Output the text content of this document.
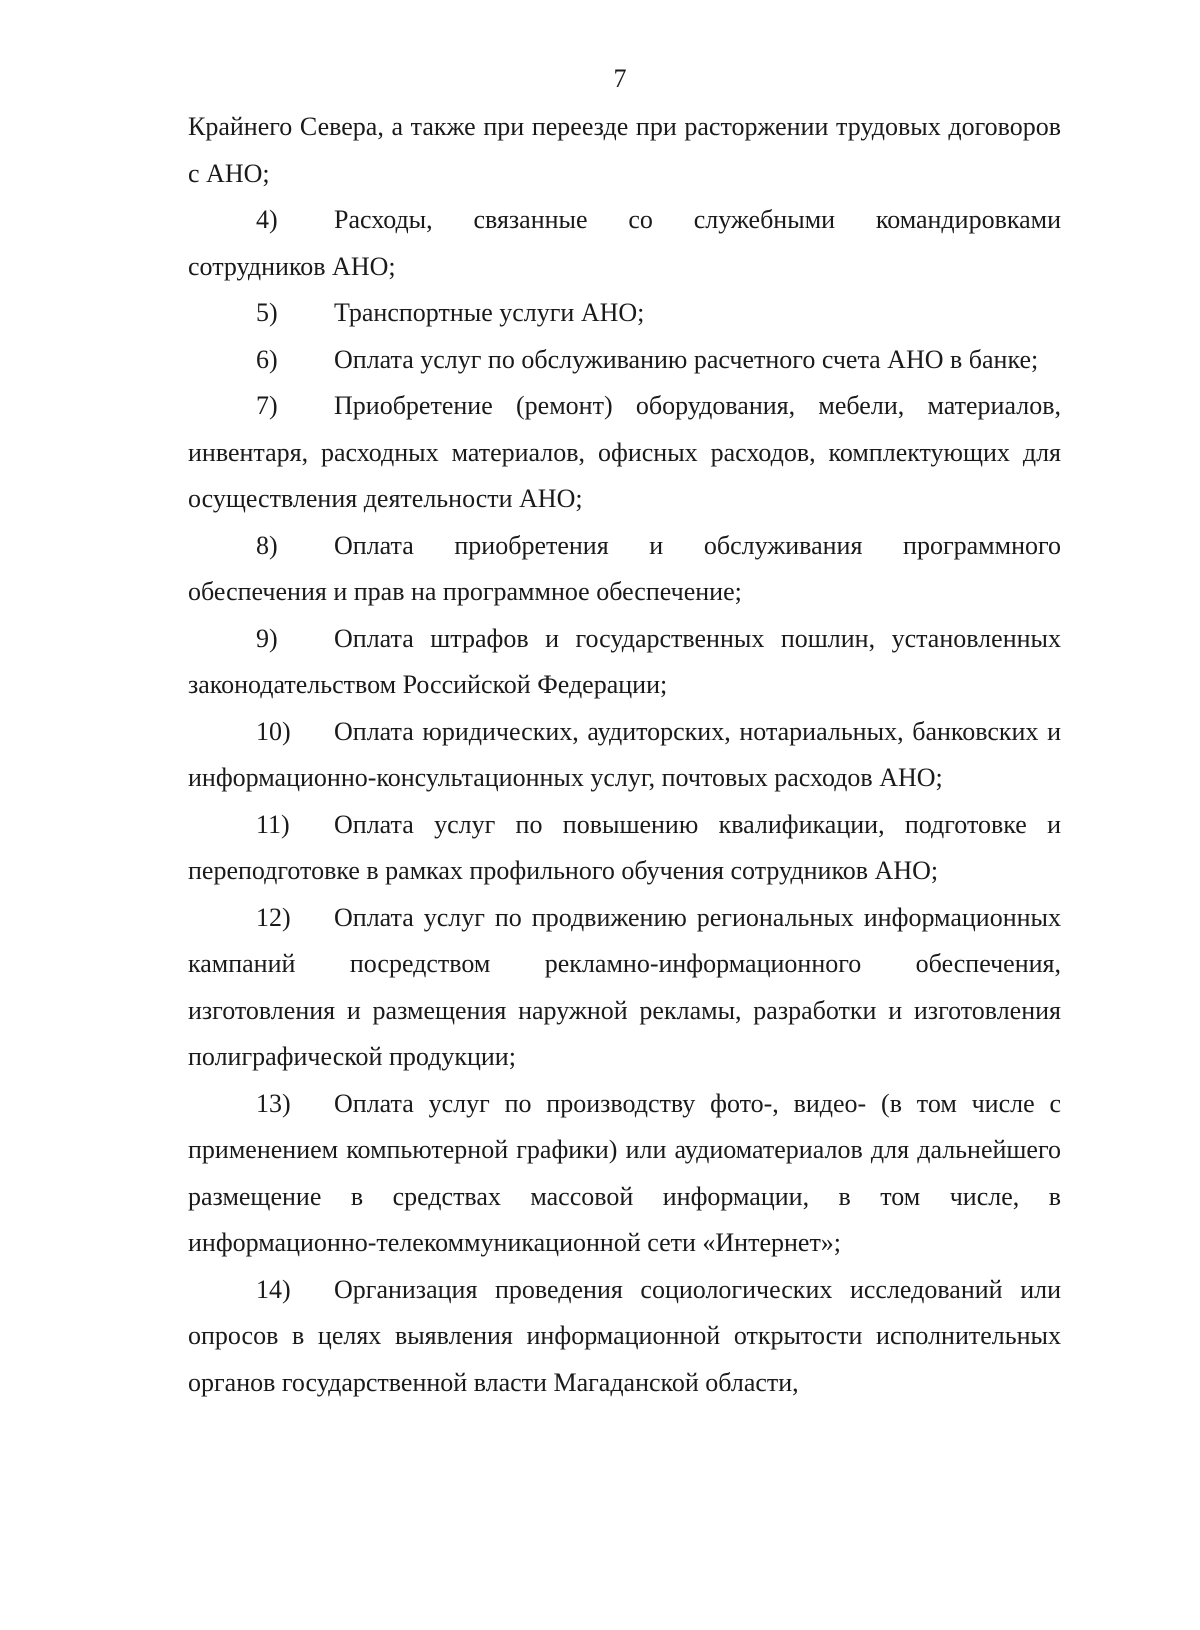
7

Крайнего Севера, а также при переезде при расторжении трудовых договоров с АНО;

4) Расходы, связанные со служебными командировками сотрудников АНО;

5) Транспортные услуги АНО;

6) Оплата услуг по обслуживанию расчетного счета АНО в банке;

7) Приобретение (ремонт) оборудования, мебели, материалов, инвентаря, расходных материалов, офисных расходов, комплектующих для осуществления деятельности АНО;

8) Оплата приобретения и обслуживания программного обеспечения и прав на программное обеспечение;

9) Оплата штрафов и государственных пошлин, установленных законодательством Российской Федерации;

10) Оплата юридических, аудиторских, нотариальных, банковских и информационно-консультационных услуг, почтовых расходов АНО;

11) Оплата услуг по повышению квалификации, подготовке и переподготовке в рамках профильного обучения сотрудников АНО;

12) Оплата услуг по продвижению региональных информационных кампаний посредством рекламно-информационного обеспечения, изготовления и размещения наружной рекламы, разработки и изготовления полиграфической продукции;

13) Оплата услуг по производству фото-, видео- (в том числе с применением компьютерной графики) или аудиоматериалов для дальнейшего размещение в средствах массовой информации, в том числе, в информационно-телекоммуникационной сети «Интернет»;

14) Организация проведения социологических исследований или опросов в целях выявления информационной открытости исполнительных органов государственной власти Магаданской области,
